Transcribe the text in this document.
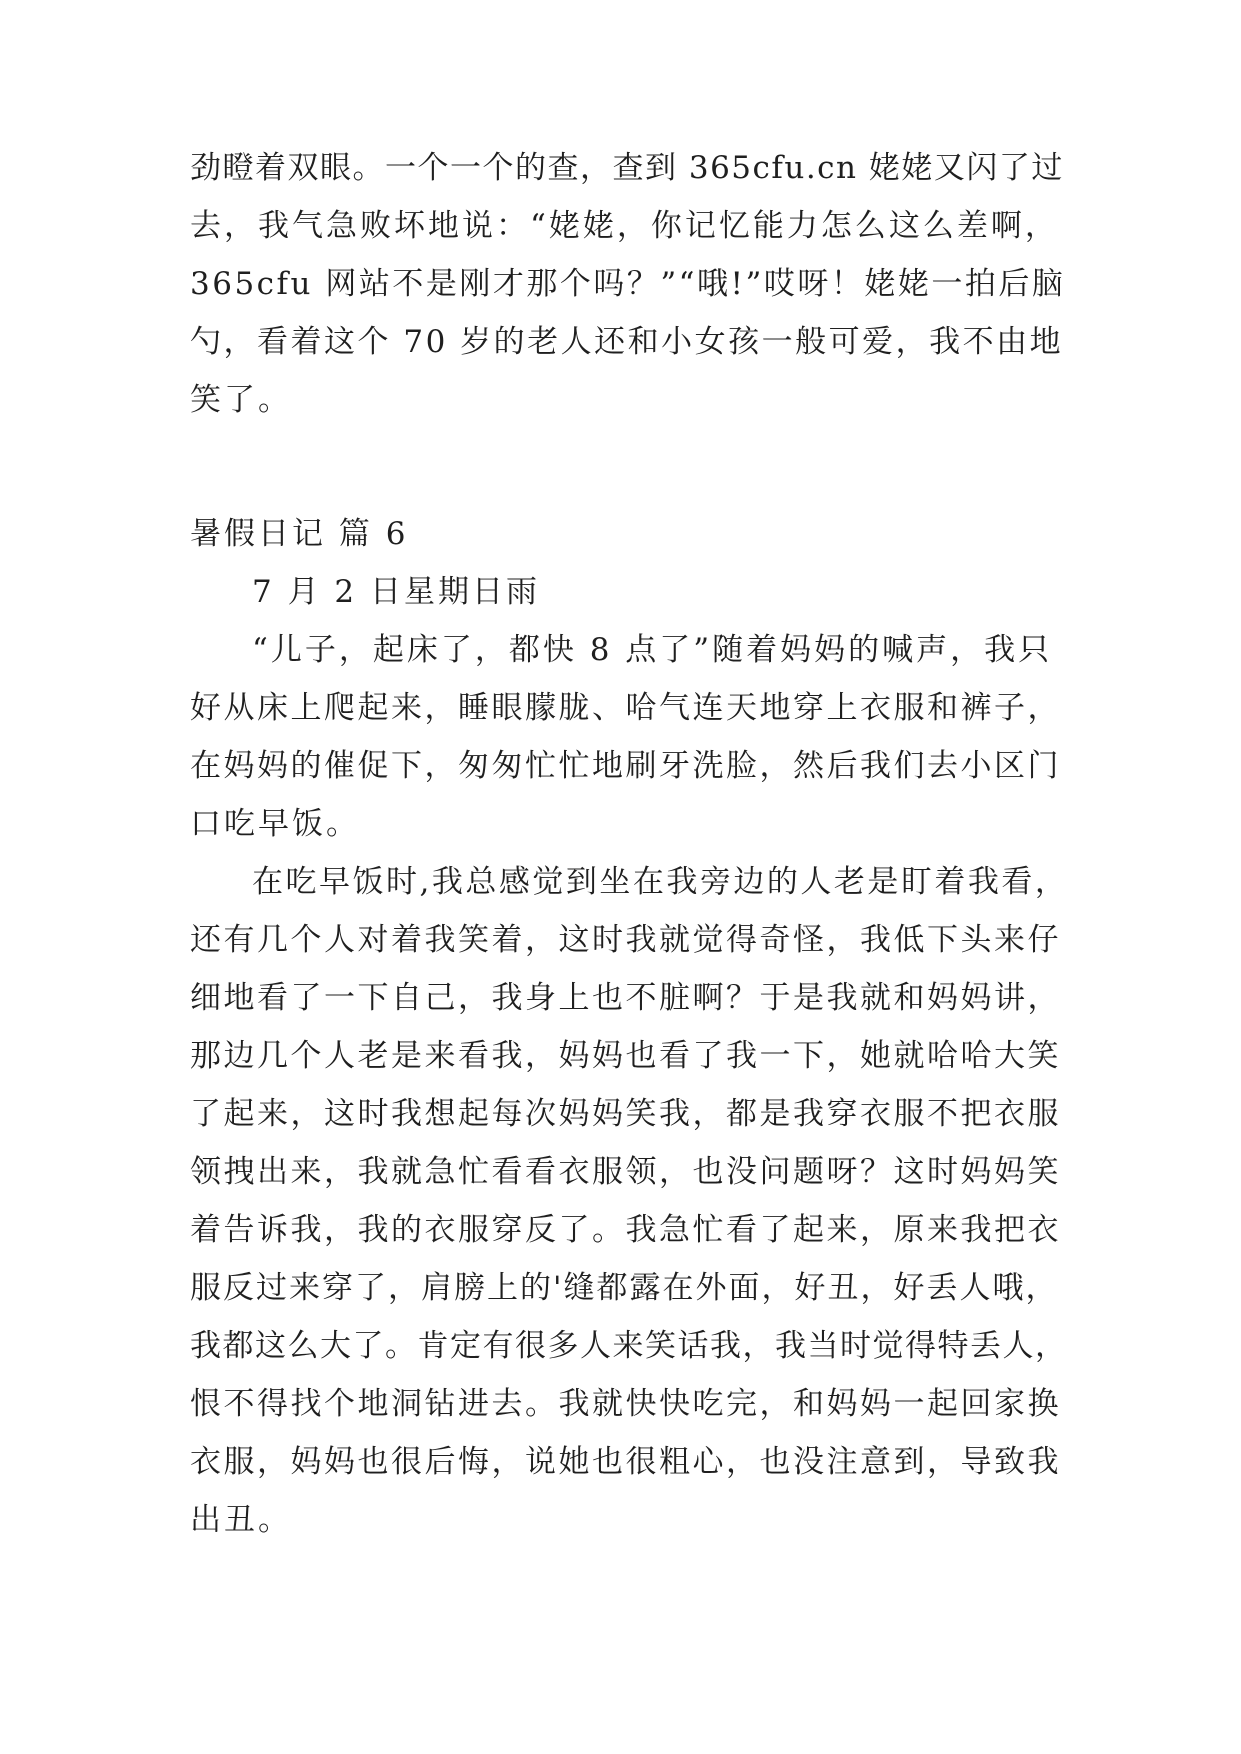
劲瞪着双眼。一个一个的查，查到 365cfu.cn 姥姥又闪了过
去，我气急败坏地说：“姥姥，你记忆能力怎么这么差啊，
365cfu 网站不是刚才那个吗？”“哦!”哎呀！姥姥一拍后脑
勺，看着这个 70 岁的老人还和小女孩一般可爱，我不由地
笑了。
暑假日记 篇 6
7 月 2 日星期日雨
“儿子，起床了，都快 8 点了”随着妈妈的喊声，我只
好从床上爬起来，睡眼朦胧、哈气连天地穿上衣服和裤子，
在妈妈的催促下，匆匆忙忙地刷牙洗脸，然后我们去小区门
口吃早饭。
在吃早饭时,我总感觉到坐在我旁边的人老是盯着我看，
还有几个人对着我笑着，这时我就觉得奇怪，我低下头来仔
细地看了一下自己，我身上也不脏啊？于是我就和妈妈讲，
那边几个人老是来看我，妈妈也看了我一下，她就哈哈大笑
了起来，这时我想起每次妈妈笑我，都是我穿衣服不把衣服
领拽出来，我就急忙看看衣服领，也没问题呀？这时妈妈笑
着告诉我，我的衣服穿反了。我急忙看了起来，原来我把衣
服反过来穿了，肩膀上的'缝都露在外面，好丑，好丢人哦，
我都这么大了。肯定有很多人来笑话我，我当时觉得特丢人，
恨不得找个地洞钻进去。我就快快吃完，和妈妈一起回家换
衣服，妈妈也很后悔，说她也很粗心，也没注意到，导致我
出丑。
